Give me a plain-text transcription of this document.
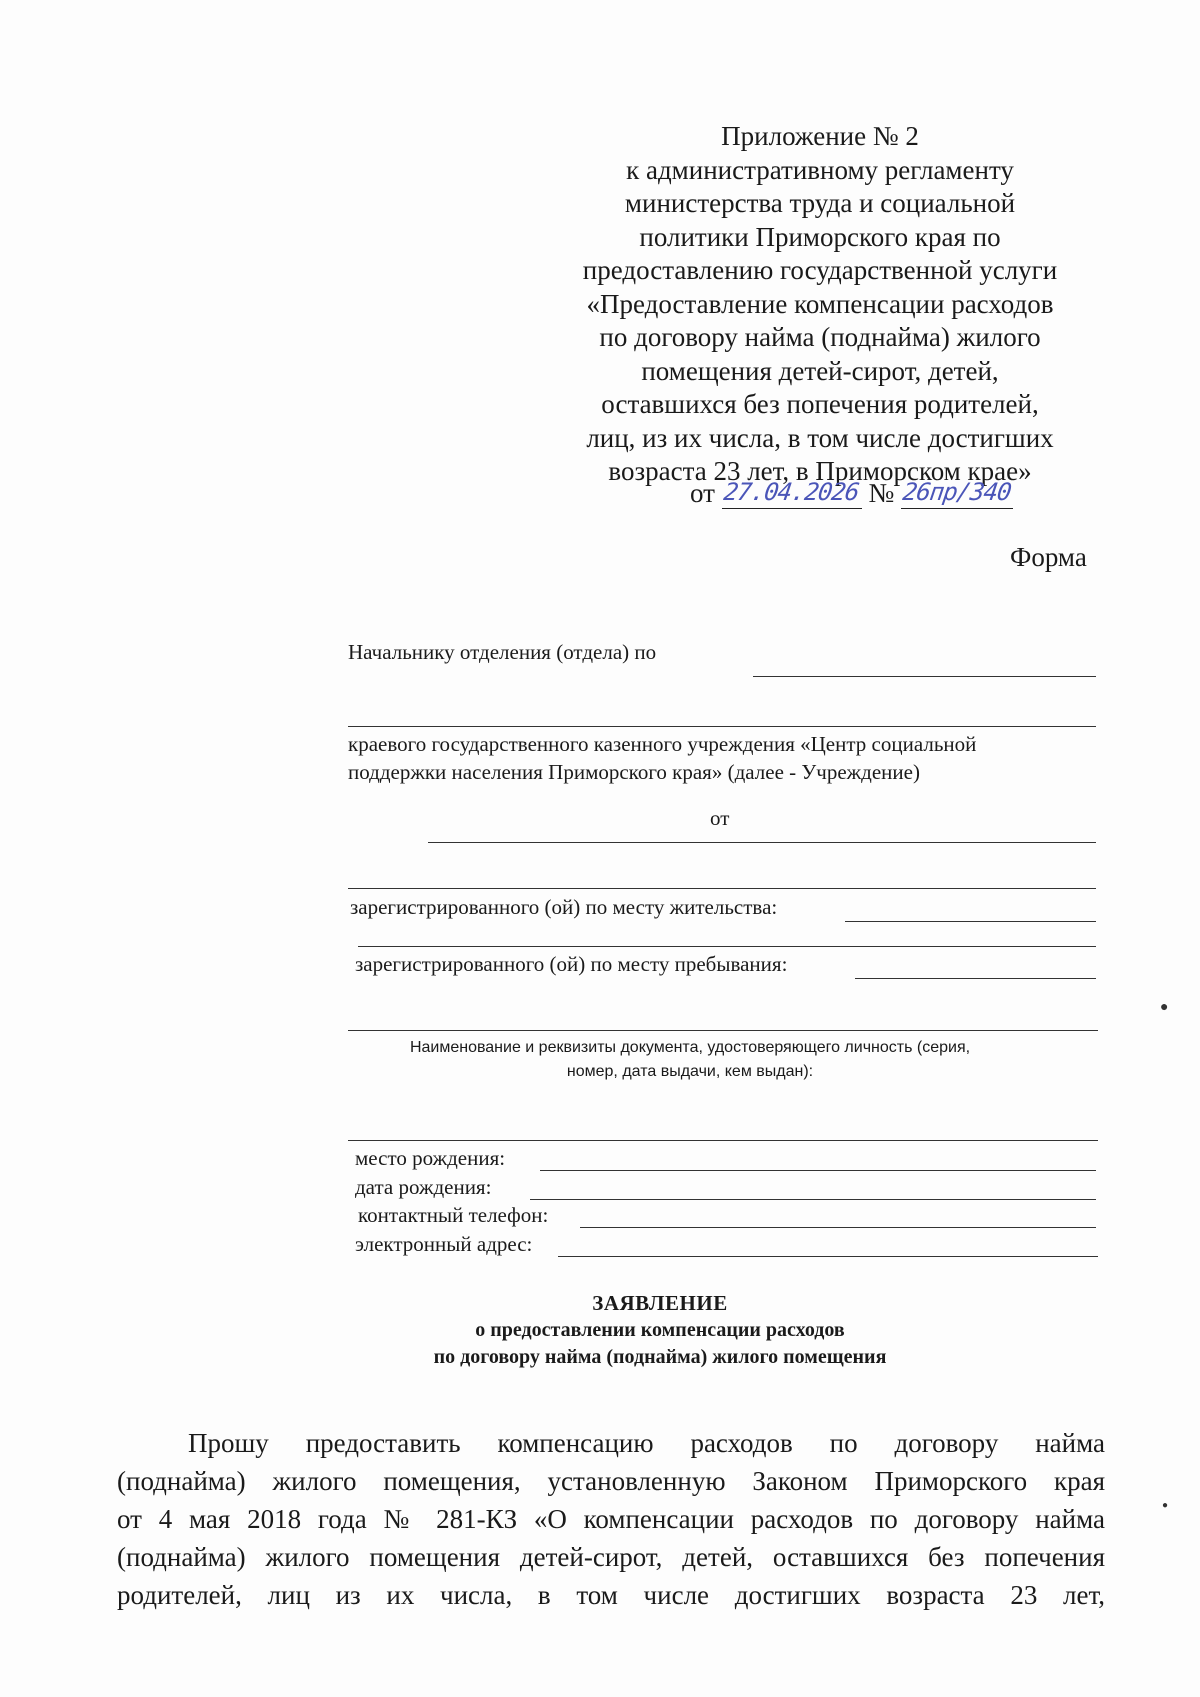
Приложение № 2
к административному регламенту
министерства труда и социальной
политики Приморского края по
предоставлению государственной услуги
«Предоставление компенсации расходов
по договору найма (поднайма) жилого
помещения детей-сирот, детей,
оставшихся без попечения родителей,
лиц, из их числа, в том числе достигших
возраста 23 лет, в Приморском крае»
от 27.04.2026 № 26пр/340
Форма
Начальнику отделения (отдела) по
краевого государственного казенного учреждения «Центр социальной
поддержки населения Приморского края» (далее - Учреждение)
от
зарегистрированного (ой) по месту жительства:
зарегистрированного (ой) по месту пребывания:
Наименование и реквизиты документа, удостоверяющего личность (серия,
номер, дата выдачи, кем выдан):
место рождения:
дата рождения:
контактный телефон:
электронный адрес:
ЗАЯВЛЕНИЕ
о предоставлении компенсации расходов
по договору найма (поднайма) жилого помещения
Прошу предоставить компенсацию расходов по договору найма
(поднайма) жилого помещения, установленную Законом Приморского края
от 4 мая 2018 года № 281-КЗ «О компенсации расходов по договору найма
(поднайма) жилого помещения детей-сирот, детей, оставшихся без попечения
родителей, лиц из их числа, в том числе достигших возраста 23 лет,
●
●
